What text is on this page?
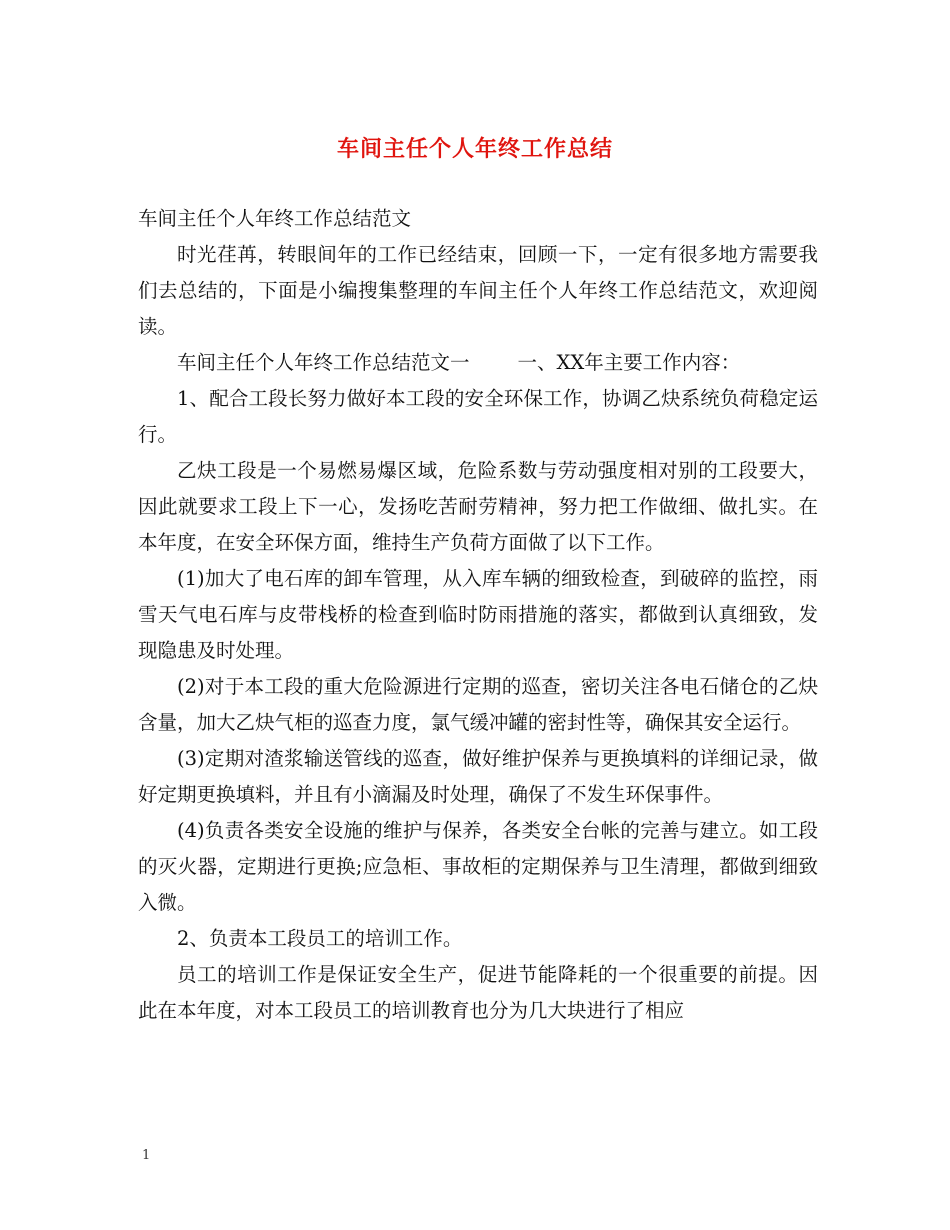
车间主任个人年终工作总结

车间主任个人年终工作总结范文

时光荏苒，转眼间年的工作已经结束，回顾一下，一定有很多地方需要我们去总结的，下面是小编搜集整理的车间主任个人年终工作总结范文，欢迎阅读。

车间主任个人年终工作总结范文一 一、XX年主要工作内容：

1、配合工段长努力做好本工段的安全环保工作，协调乙炔系统负荷稳定运行。

乙炔工段是一个易燃易爆区域，危险系数与劳动强度相对别的工段要大，因此就要求工段上下一心，发扬吃苦耐劳精神，努力把工作做细、做扎实。在本年度，在安全环保方面，维持生产负荷方面做了以下工作。

(1)加大了电石库的卸车管理，从入库车辆的细致检查，到破碎的监控，雨雪天气电石库与皮带栈桥的检查到临时防雨措施的落实，都做到认真细致，发现隐患及时处理。

(2)对于本工段的重大危险源进行定期的巡查，密切关注各电石储仓的乙炔含量，加大乙炔气柜的巡查力度，氯气缓冲罐的密封性等，确保其安全运行。

(3)定期对渣浆输送管线的巡查，做好维护保养与更换填料的详细记录，做好定期更换填料，并且有小滴漏及时处理，确保了不发生环保事件。

(4)负责各类安全设施的维护与保养，各类安全台帐的完善与建立。如工段的灭火器，定期进行更换;应急柜、事故柜的定期保养与卫生清理，都做到细致入微。

2、负责本工段员工的培训工作。

员工的培训工作是保证安全生产，促进节能降耗的一个很重要的前提。因此在本年度，对本工段员工的培训教育也分为几大块进行了相应

1
